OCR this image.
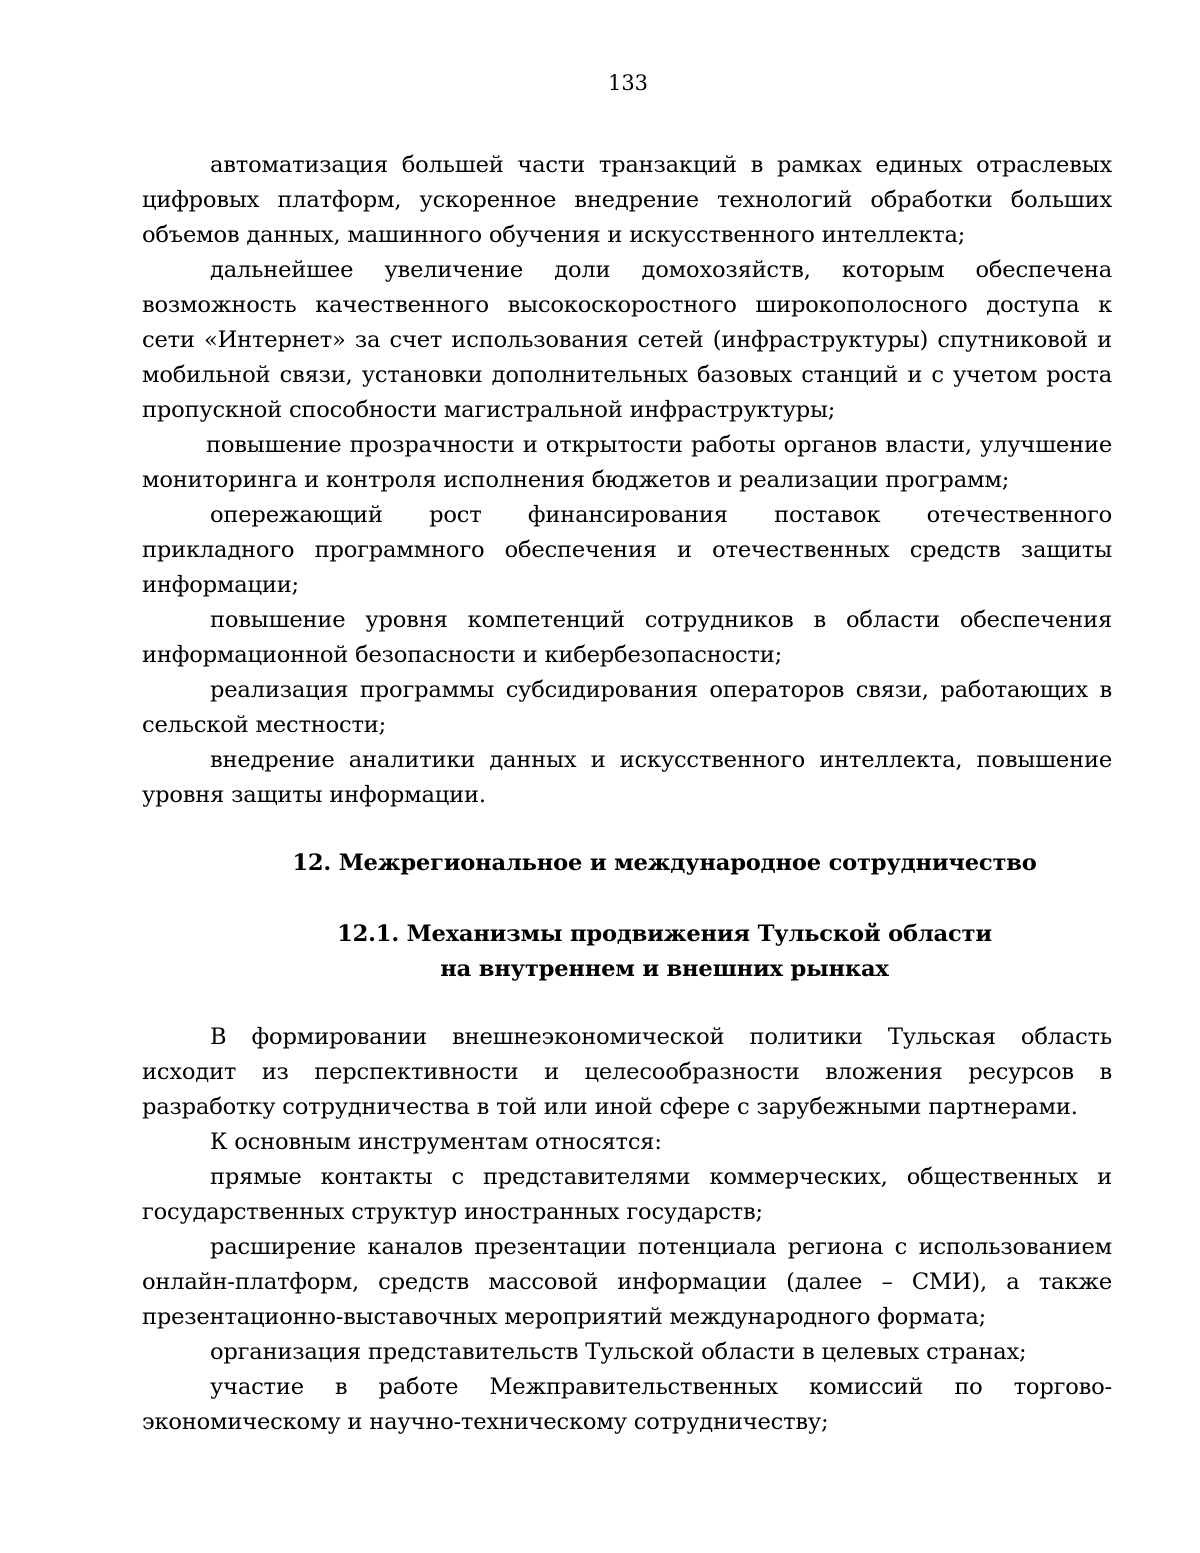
133

автоматизация большей части транзакций в рамках единых отраслевых цифровых платформ, ускоренное внедрение технологий обработки больших объемов данных, машинного обучения и искусственного интеллекта;

дальнейшее увеличение доли домохозяйств, которым обеспечена возможность качественного высокоскоростного широкополосного доступа к сети «Интернет» за счет использования сетей (инфраструктуры) спутниковой и мобильной связи, установки дополнительных базовых станций и с учетом роста пропускной способности магистральной инфраструктуры;

повышение прозрачности и открытости работы органов власти, улучшение мониторинга и контроля исполнения бюджетов и реализации программ;

опережающий рост финансирования поставок отечественного прикладного программного обеспечения и отечественных средств защиты информации;

повышение уровня компетенций сотрудников в области обеспечения информационной безопасности и кибербезопасности;

реализация программы субсидирования операторов связи, работающих в сельской местности;

внедрение аналитики данных и искусственного интеллекта, повышение уровня защиты информации.

12. Межрегиональное и международное сотрудничество
12.1. Механизмы продвижения Тульской области
на внутреннем и внешних рынках

В формировании внешнеэкономической политики Тульская область исходит из перспективности и целесообразности вложения ресурсов в разработку сотрудничества в той или иной сфере с зарубежными партнерами.

К основным инструментам относятся:

прямые контакты с представителями коммерческих, общественных и государственных структур иностранных государств;

расширение каналов презентации потенциала региона с использованием онлайн-платформ, средств массовой информации (далее – СМИ), а также презентационно-выставочных мероприятий международного формата;

организация представительств Тульской области в целевых странах;

участие в работе Межправительственных комиссий по торгово-экономическому и научно-техническому сотрудничеству;
